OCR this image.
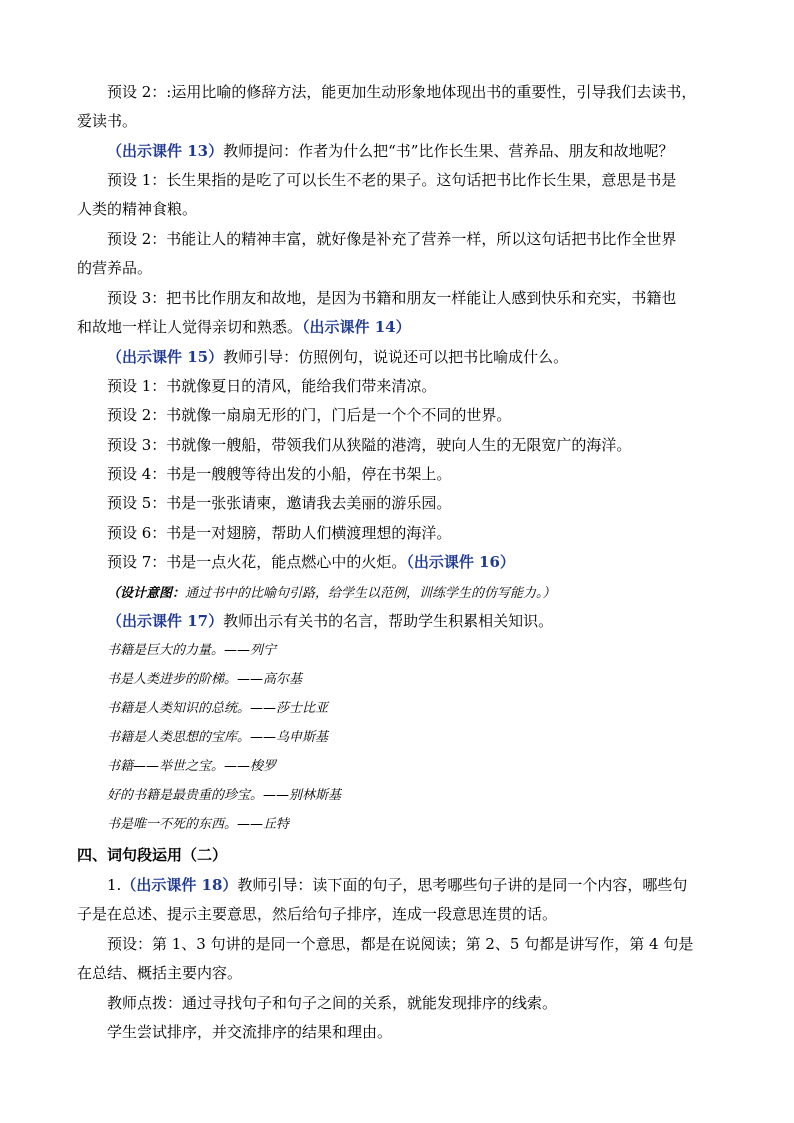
预设 2：:运用比喻的修辞方法，能更加生动形象地体现出书的重要性，引导我们去读书，

爱读书。

（出示课件 13）教师提问：作者为什么把“书”比作长生果、营养品、朋友和故地呢？

预设 1：长生果指的是吃了可以长生不老的果子。这句话把书比作长生果，意思是书是

人类的精神食粮。

预设 2：书能让人的精神丰富，就好像是补充了营养一样，所以这句话把书比作全世界

的营养品。

预设 3：把书比作朋友和故地，是因为书籍和朋友一样能让人感到快乐和充实，书籍也

和故地一样让人觉得亲切和熟悉。（出示课件 14）

（出示课件 15）教师引导：仿照例句，说说还可以把书比喻成什么。

预设 1：书就像夏日的清风，能给我们带来清凉。

预设 2：书就像一扇扇无形的门，门后是一个个不同的世界。

预设 3：书就像一艘船，带领我们从狭隘的港湾，驶向人生的无限宽广的海洋。

预设 4：书是一艘艘等待出发的小船，停在书架上。

预设 5：书是一张张请柬，邀请我去美丽的游乐园。

预设 6：书是一对翅膀，帮助人们横渡理想的海洋。

预设 7：书是一点火花，能点燃心中的火炬。（出示课件 16）

（设计意图：通过书中的比喻句引路，给学生以范例，训练学生的仿写能力。）

（出示课件 17）教师出示有关书的名言，帮助学生积累相关知识。

书籍是巨大的力量。——列宁

书是人类进步的阶梯。——高尔基

书籍是人类知识的总统。——莎士比亚

书籍是人类思想的宝库。——乌申斯基

书籍——举世之宝。——梭罗

好的书籍是最贵重的珍宝。——别林斯基

书是唯一不死的东西。——丘特

四、词句段运用（二）

1.（出示课件 18）教师引导：读下面的句子，思考哪些句子讲的是同一个内容，哪些句

子是在总述、提示主要意思，然后给句子排序，连成一段意思连贯的话。

预设：第 1、3 句讲的是同一个意思，都是在说阅读；第 2、5 句都是讲写作，第 4 句是

在总结、概括主要内容。

教师点拨：通过寻找句子和句子之间的关系，就能发现排序的线索。

学生尝试排序，并交流排序的结果和理由。
